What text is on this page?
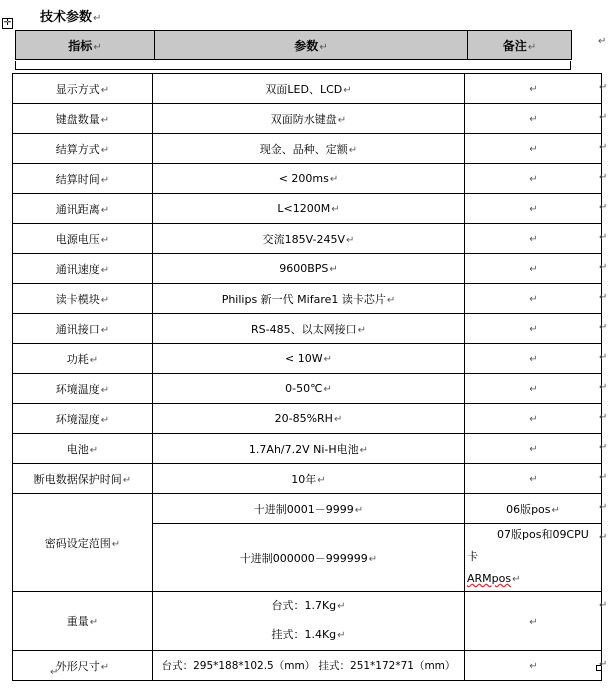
技术参数↵
✛
指标↵	参数↵	备注↵	↵
显示方式↵	双面LED、LCD↵	↵
键盘数量↵	双面防水键盘↵	↵
结算方式↵	现金、品种、定额↵	↵
结算时间↵	< 200ms↵	↵
通讯距离↵	L<1200M↵	↵
电源电压↵	交流185V-245V↵	↵
通讯速度↵	9600BPS↵	↵
读卡模块↵	Philips 新一代 Mifare1 读卡芯片↵	↵
通讯接口↵	RS-485、以太网接口↵	↵
功耗↵	< 10W↵	↵
环境温度↵	0-50℃↵	↵
环境湿度↵	20-85%RH↵	↵
电池↵	1.7Ah/7.2V Ni-H电池↵	↵
断电数据保护时间↵	10年↵	↵
密码设定范围↵	十进制0001－9999↵	06版pos↵
	十进制000000－999999↵	07版pos和09CPU卡
ARMpos↵
重量↵	台式：1.7Kg↵
挂式：1.4Kg↵	↵
外形尺寸↵	台式：295*188*102.5（mm） 挂式：251*172*71（mm）	↵
↵
↵
↵
↵
↵
↵
↵
↵
↵
↵
↵
↵
↵
↵
↵
↵
↵
↵
↵
